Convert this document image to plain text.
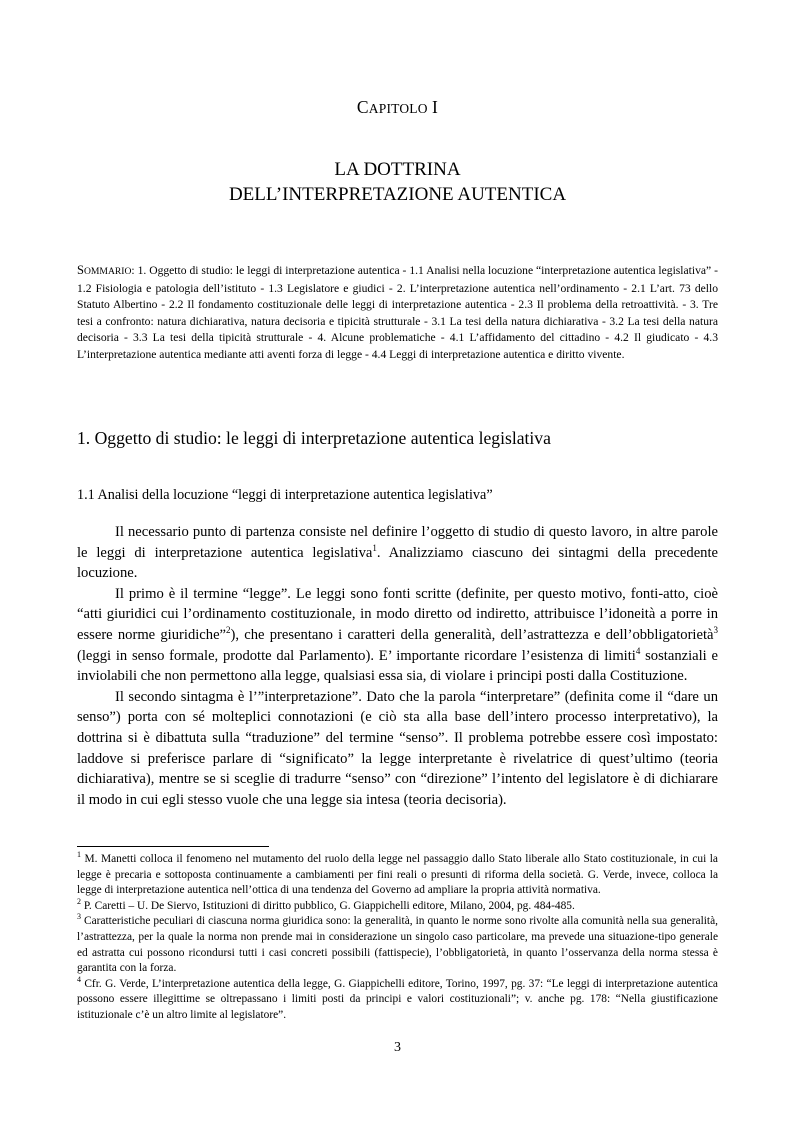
CAPITOLO I
LA DOTTRINA
DELL’INTERPRETAZIONE AUTENTICA
SOMMARIO: 1. Oggetto di studio: le leggi di interpretazione autentica - 1.1 Analisi nella locuzione “interpretazione autentica legislativa” - 1.2 Fisiologia e patologia dell’istituto - 1.3 Legislatore e giudici - 2. L’interpretazione autentica nell’ordinamento - 2.1 L’art. 73 dello Statuto Albertino - 2.2 Il fondamento costituzionale delle leggi di interpretazione autentica - 2.3 Il problema della retroattività. - 3. Tre tesi a confronto: natura dichiarativa, natura decisoria e tipicità strutturale - 3.1 La tesi della natura dichiarativa - 3.2 La tesi della natura decisoria - 3.3 La tesi della tipicità strutturale - 4. Alcune problematiche - 4.1 L’affidamento del cittadino - 4.2 Il giudicato - 4.3 L’interpretazione autentica mediante atti aventi forza di legge - 4.4 Leggi di interpretazione autentica e diritto vivente.
1. Oggetto di studio: le leggi di interpretazione autentica legislativa
1.1 Analisi della locuzione “leggi di interpretazione autentica legislativa”

Il necessario punto di partenza consiste nel definire l’oggetto di studio di questo lavoro, in altre parole le leggi di interpretazione autentica legislativa$^1$. Analizziamo ciascuno dei sintagmi della precedente locuzione.

Il primo è il termine “legge”. Le leggi sono fonti scritte (definite, per questo motivo, fonti-atto, cioè “atti giuridici cui l’ordinamento costituzionale, in modo diretto od indiretto, attribuisce l’idoneità a porre in essere norme giuridiche”$^2$), che presentano i caratteri della generalità, dell’astrattezza e dell’obbligatorietà$^3$ (leggi in senso formale, prodotte dal Parlamento). E’ importante ricordare l’esistenza di limiti$^4$ sostanziali e inviolabili che non permettono alla legge, qualsiasi essa sia, di violare i principi posti dalla Costituzione.

Il secondo sintagma è l’”interpretazione”. Dato che la parola “interpretare” (definita come il “dare un senso”) porta con sé molteplici connotazioni (e ciò sta alla base dell’intero processo interpretativo), la dottrina si è dibattuta sulla “traduzione” del termine “senso”. Il problema potrebbe essere così impostato: laddove si preferisce parlare di “significato” la legge interpretante è rivelatrice di quest’ultimo (teoria dichiarativa), mentre se si sceglie di tradurre “senso” con “direzione” l’intento del legislatore è di dichiarare il modo in cui egli stesso vuole che una legge sia intesa (teoria decisoria).

$^1$ M. Manetti colloca il fenomeno nel mutamento del ruolo della legge nel passaggio dallo Stato liberale allo Stato costituzionale, in cui la legge è precaria e sottoposta continuamente a cambiamenti per fini reali o presunti di riforma della società. G. Verde, invece, colloca la legge di interpretazione autentica nell’ottica di una tendenza del Governo ad ampliare la propria attività normativa.

$^2$ P. Caretti – U. De Siervo, Istituzioni di diritto pubblico, G. Giappichelli editore, Milano, 2004, pg. 484-485.

$^3$ Caratteristiche peculiari di ciascuna norma giuridica sono: la generalità, in quanto le norme sono rivolte alla comunità nella sua generalità, l’astrattezza, per la quale la norma non prende mai in considerazione un singolo caso particolare, ma prevede una situazione-tipo generale ed astratta cui possono ricondursi tutti i casi concreti possibili (fattispecie), l’obbligatorietà, in quanto l’osservanza della norma stessa è garantita con la forza.

$^4$ Cfr. G. Verde, L’interpretazione autentica della legge, G. Giappichelli editore, Torino, 1997, pg. 37: “Le leggi di interpretazione autentica possono essere illegittime se oltrepassano i limiti posti da principi e valori costituzionali”; v. anche pg. 178: “Nella giustificazione istituzionale c’è un altro limite al legislatore”.

3
